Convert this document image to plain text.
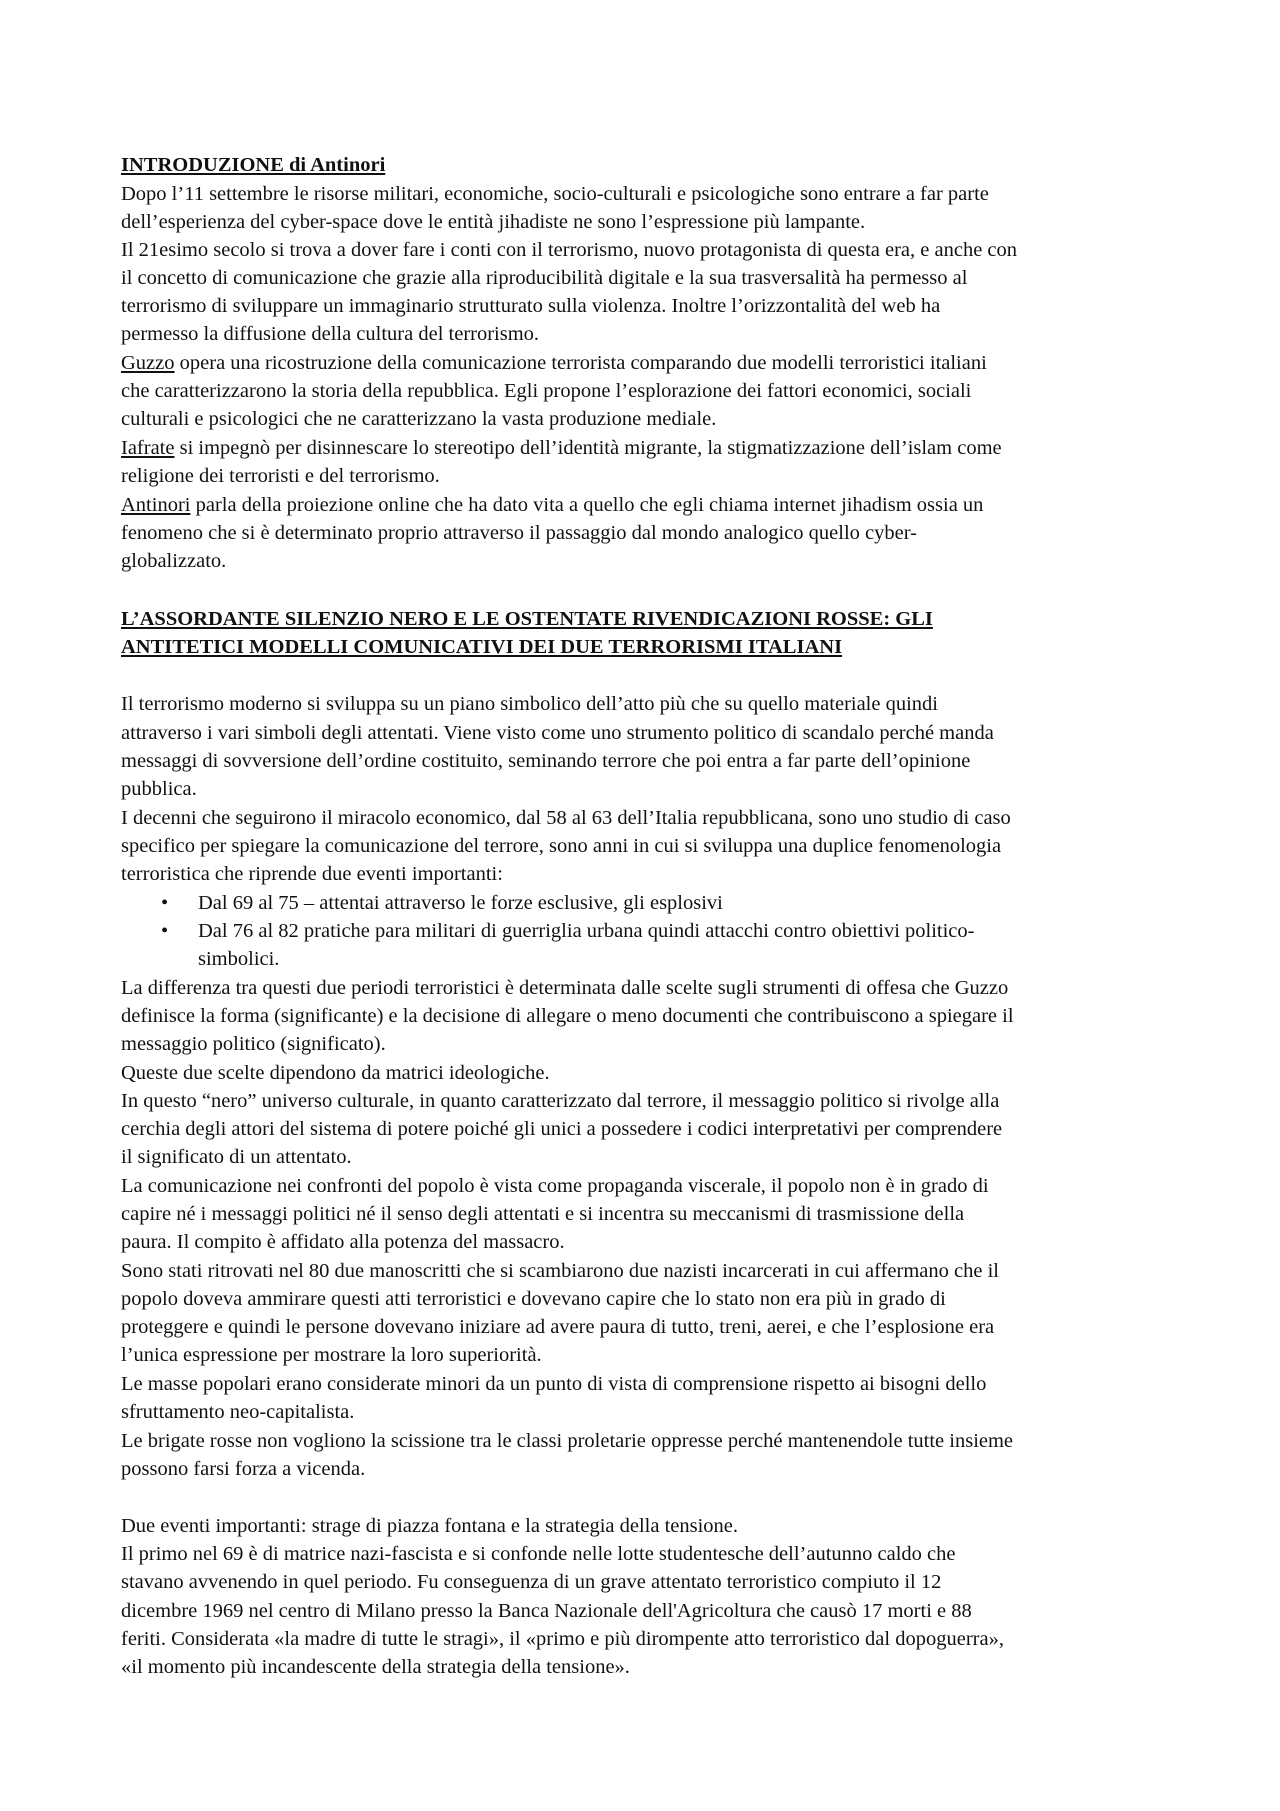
INTRODUZIONE di Antinori
Dopo l’11 settembre le risorse militari, economiche, socio-culturali e psicologiche sono entrare a far parte
dell’esperienza del cyber-space dove le entità jihadiste ne sono l’espressione più lampante.
Il 21esimo secolo si trova a dover fare i conti con il terrorismo, nuovo protagonista di questa era, e anche con
il concetto di comunicazione che grazie alla riproducibilità digitale e la sua trasversalità ha permesso al
terrorismo di sviluppare un immaginario strutturato sulla violenza. Inoltre l’orizzontalità del web ha
permesso la diffusione della cultura del terrorismo.
Guzzo opera una ricostruzione della comunicazione terrorista comparando due modelli terroristici italiani
che caratterizzarono la storia della repubblica. Egli propone l’esplorazione dei fattori economici, sociali
culturali e psicologici che ne caratterizzano la vasta produzione mediale.
Iafrate si impegnò per disinnescare lo stereotipo dell’identità migrante, la stigmatizzazione dell’islam come
religione dei terroristi e del terrorismo.
Antinori parla della proiezione online che ha dato vita a quello che egli chiama internet jihadism ossia un
fenomeno che si è determinato proprio attraverso il passaggio dal mondo analogico quello cyber-
globalizzato.
L’ASSORDANTE SILENZIO NERO E LE OSTENTATE RIVENDICAZIONI ROSSE: GLI
ANTITETICI MODELLI COMUNICATIVI DEI DUE TERRORISMI ITALIANI
Il terrorismo moderno si sviluppa su un piano simbolico dell’atto più che su quello materiale quindi
attraverso i vari simboli degli attentati. Viene visto come uno strumento politico di scandalo perché manda
messaggi di sovversione dell’ordine costituito, seminando terrore che poi entra a far parte dell’opinione
pubblica.
I decenni che seguirono il miracolo economico, dal 58 al 63 dell’Italia repubblicana, sono uno studio di caso
specifico per spiegare la comunicazione del terrore, sono anni in cui si sviluppa una duplice fenomenologia
terroristica che riprende due eventi importanti:
• Dal 69 al 75 – attentai attraverso le forze esclusive, gli esplosivi
• Dal 76 al 82 pratiche para militari di guerriglia urbana quindi attacchi contro obiettivi politico-
simbolici.
La differenza tra questi due periodi terroristici è determinata dalle scelte sugli strumenti di offesa che Guzzo
definisce la forma (significante) e la decisione di allegare o meno documenti che contribuiscono a spiegare il
messaggio politico (significato).
Queste due scelte dipendono da matrici ideologiche.
In questo “nero” universo culturale, in quanto caratterizzato dal terrore, il messaggio politico si rivolge alla
cerchia degli attori del sistema di potere poiché gli unici a possedere i codici interpretativi per comprendere
il significato di un attentato.
La comunicazione nei confronti del popolo è vista come propaganda viscerale, il popolo non è in grado di
capire né i messaggi politici né il senso degli attentati e si incentra su meccanismi di trasmissione della
paura. Il compito è affidato alla potenza del massacro.
Sono stati ritrovati nel 80 due manoscritti che si scambiarono due nazisti incarcerati in cui affermano che il
popolo doveva ammirare questi atti terroristici e dovevano capire che lo stato non era più in grado di
proteggere e quindi le persone dovevano iniziare ad avere paura di tutto, treni, aerei, e che l’esplosione era
l’unica espressione per mostrare la loro superiorità.
Le masse popolari erano considerate minori da un punto di vista di comprensione rispetto ai bisogni dello
sfruttamento neo-capitalista.
Le brigate rosse non vogliono la scissione tra le classi proletarie oppresse perché mantenendole tutte insieme
possono farsi forza a vicenda.
Due eventi importanti: strage di piazza fontana e la strategia della tensione.
Il primo nel 69 è di matrice nazi-fascista e si confonde nelle lotte studentesche dell’autunno caldo che
stavano avvenendo in quel periodo. Fu conseguenza di un grave attentato terroristico compiuto il 12
dicembre 1969 nel centro di Milano presso la Banca Nazionale dell'Agricoltura che causò 17 morti e 88
feriti. Considerata «la madre di tutte le stragi», il «primo e più dirompente atto terroristico dal dopoguerra»,
«il momento più incandescente della strategia della tensione».
